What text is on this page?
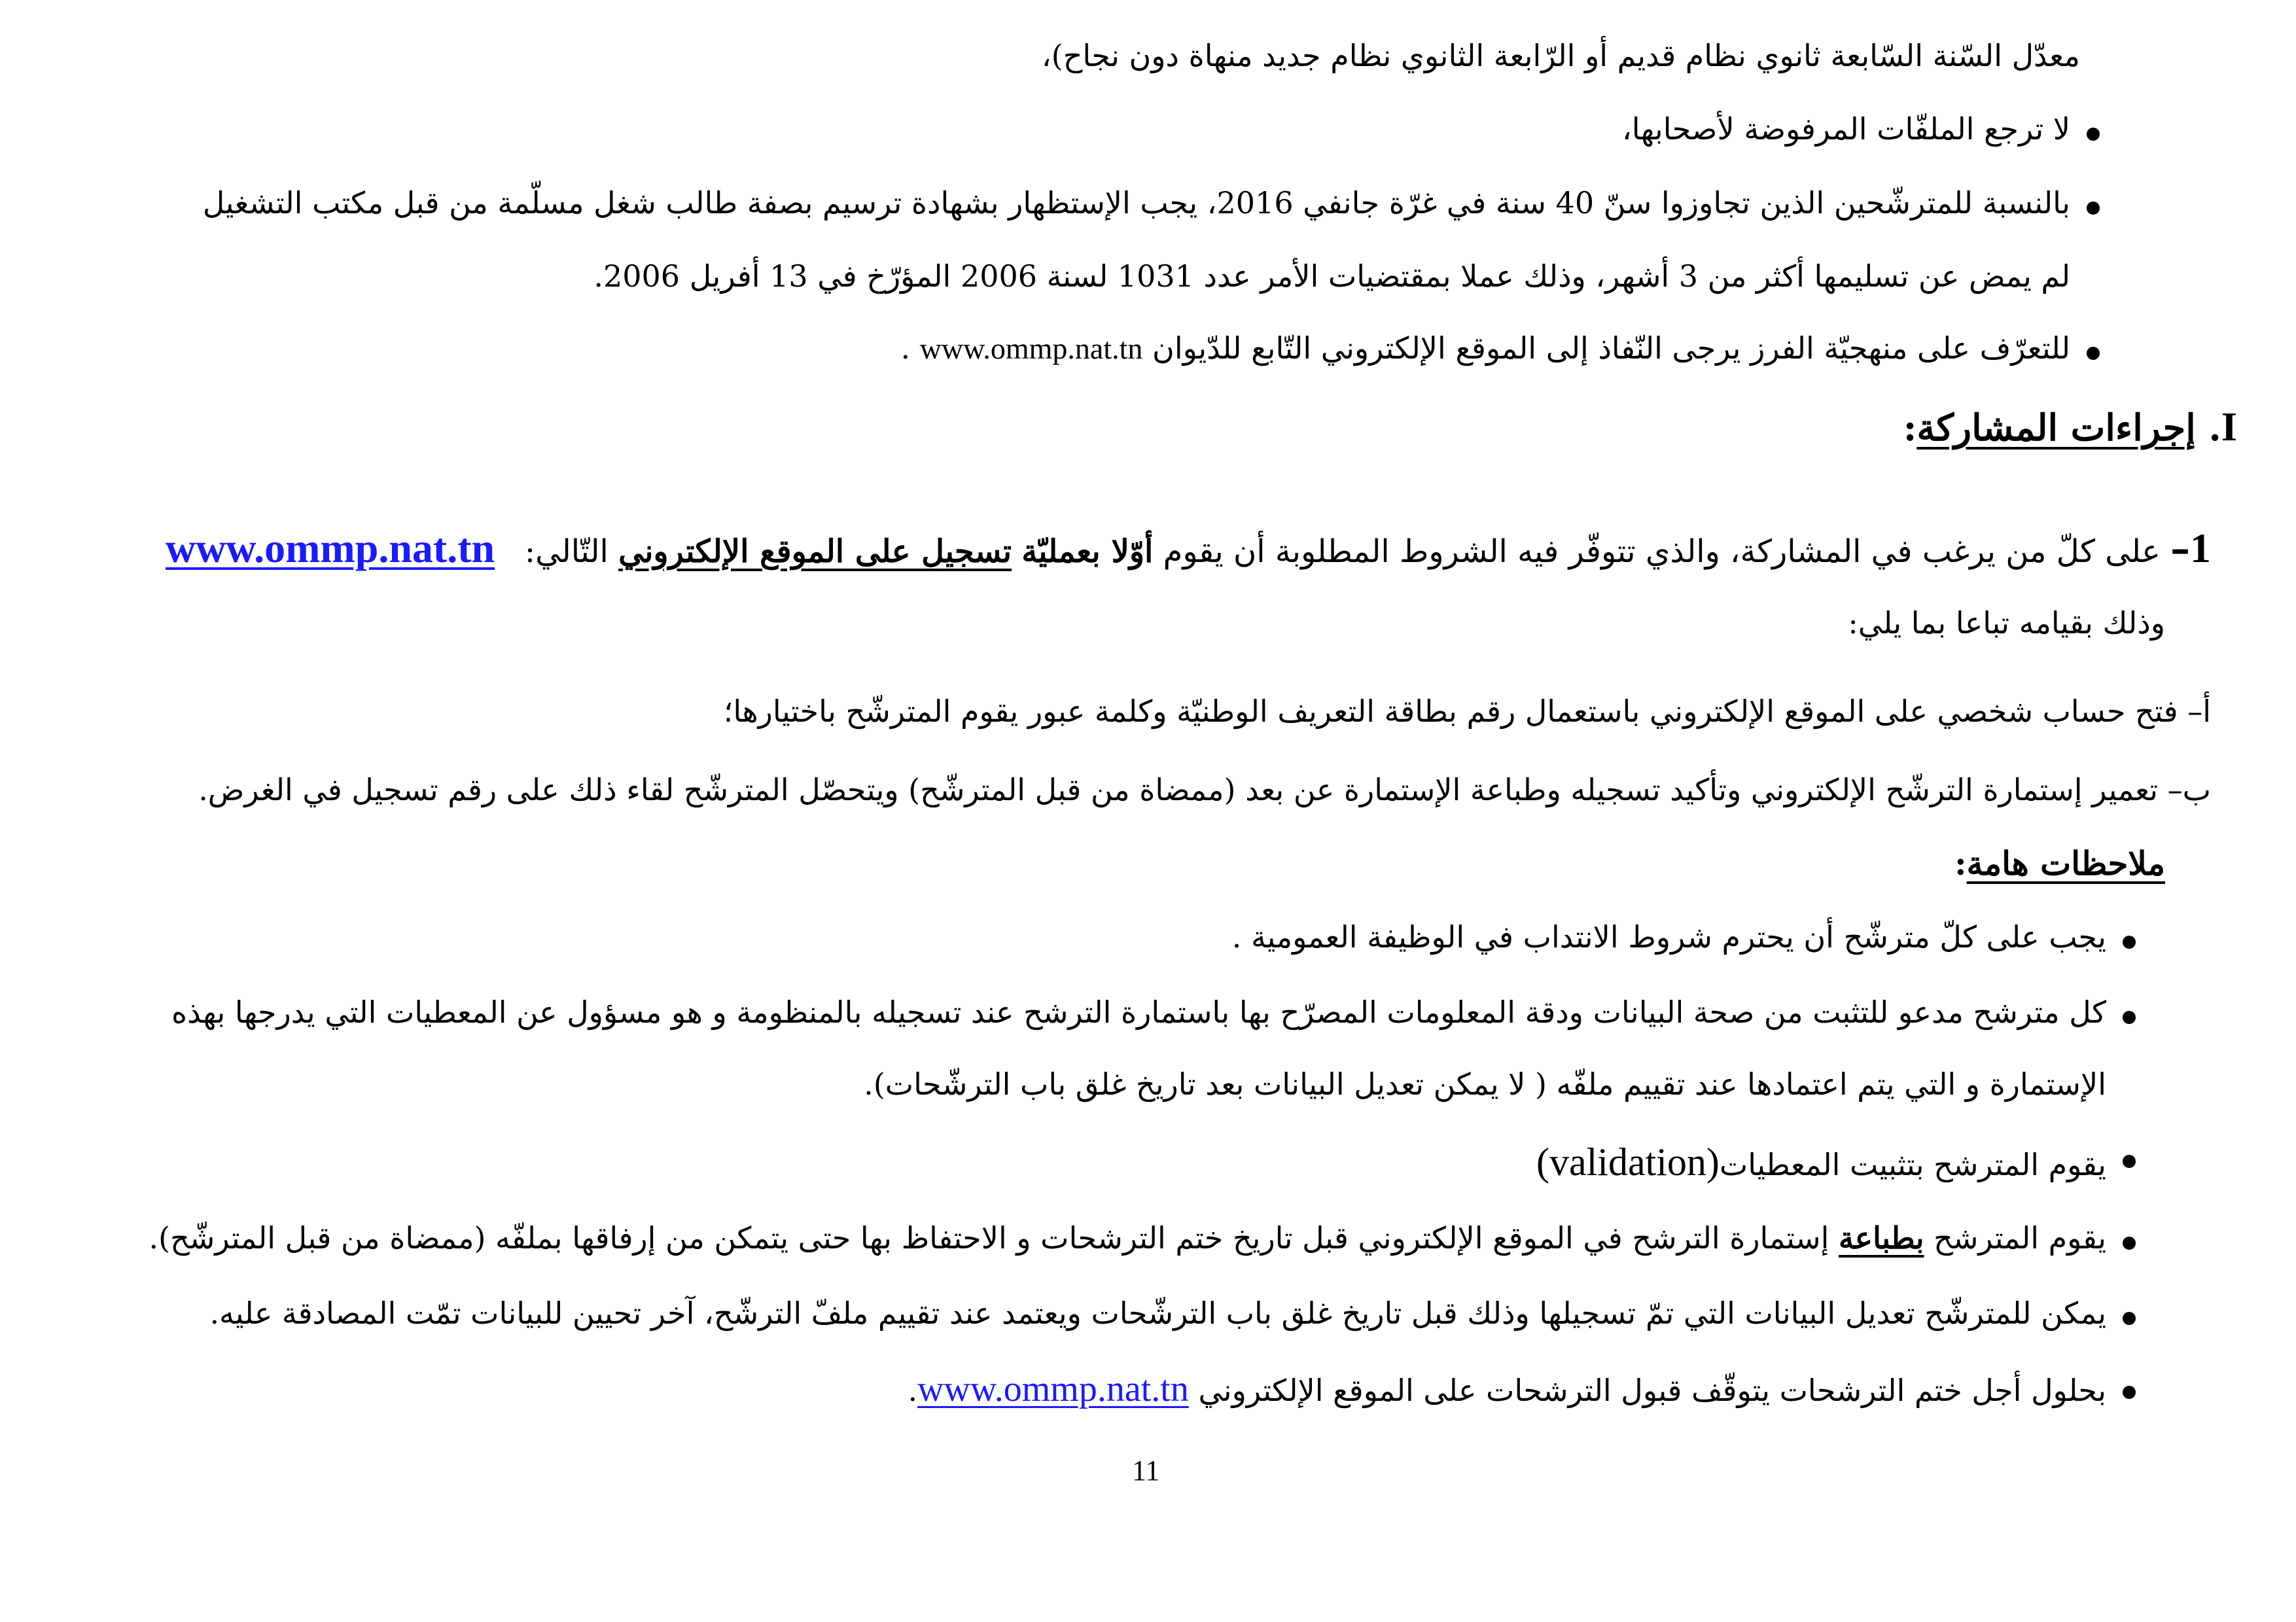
معدّل السّنة السّابعة ثانوي نظام قديم أو الرّابعة الثانوي نظام جديد منهاة دون نجاح)،
لا ترجع الملفّات المرفوضة لأصحابها،
بالنسبة للمترشّحين الذين تجاوزوا سنّ 40 سنة في غرّة جانفي 2016، يجب الإستظهار بشهادة ترسيم بصفة طالب شغل مسلّمة من قبل مكتب التشغيل
لم يمض عن تسليمها أكثر من 3 أشهر، وذلك عملا بمقتضيات الأمر عدد 1031 لسنة 2006 المؤرّخ في 13 أفريل 2006.
للتعرّف على منهجيّة الفرز يرجى النّفاذ إلى الموقع الإلكتروني التّابع للدّيوان www.ommp.nat.tn .
I. إجراءات المشاركة:
1– على كلّ من يرغب في المشاركة، والذي تتوفّر فيه الشروط المطلوبة أن يقوم أوّلا بعمليّة تسجيل على الموقع الإلكتروني التّالي:   www.ommp.nat.tn
وذلك بقيامه تباعا بما يلي:
أ– فتح حساب شخصي على الموقع الإلكتروني باستعمال رقم بطاقة التعريف الوطنيّة وكلمة عبور يقوم المترشّح باختيارها؛
ب– تعمير إستمارة الترشّح الإلكتروني وتأكيد تسجيله وطباعة الإستمارة عن بعد (ممضاة من قبل المترشّح) ويتحصّل المترشّح لقاء ذلك على رقم تسجيل في الغرض.
ملاحظات هامة:
يجب على كلّ مترشّح أن يحترم شروط الانتداب في الوظيفة العمومية .
كل مترشح مدعو للتثبت من صحة البيانات ودقة المعلومات المصرّح بها باستمارة الترشح عند تسجيله بالمنظومة و هو مسؤول عن المعطيات التي يدرجها بهذه
الإستمارة و التي يتم اعتمادها عند تقييم ملفّه ( لا يمكن تعديل البيانات بعد تاريخ غلق باب الترشّحات).
يقوم المترشح بتثبيت المعطيات(validation)
يقوم المترشح بطباعة إستمارة الترشح في الموقع الإلكتروني قبل تاريخ ختم الترشحات و الاحتفاظ بها حتى يتمكن من إرفاقها بملفّه (ممضاة من قبل المترشّح).
يمكن للمترشّح تعديل البيانات التي تمّ تسجيلها وذلك قبل تاريخ غلق باب الترشّحات ويعتمد عند تقييم ملفّ الترشّح، آخر تحيين للبيانات تمّت المصادقة عليه.
بحلول أجل ختم الترشحات يتوقّف قبول الترشحات على الموقع الإلكتروني www.ommp.nat.tn.
11
